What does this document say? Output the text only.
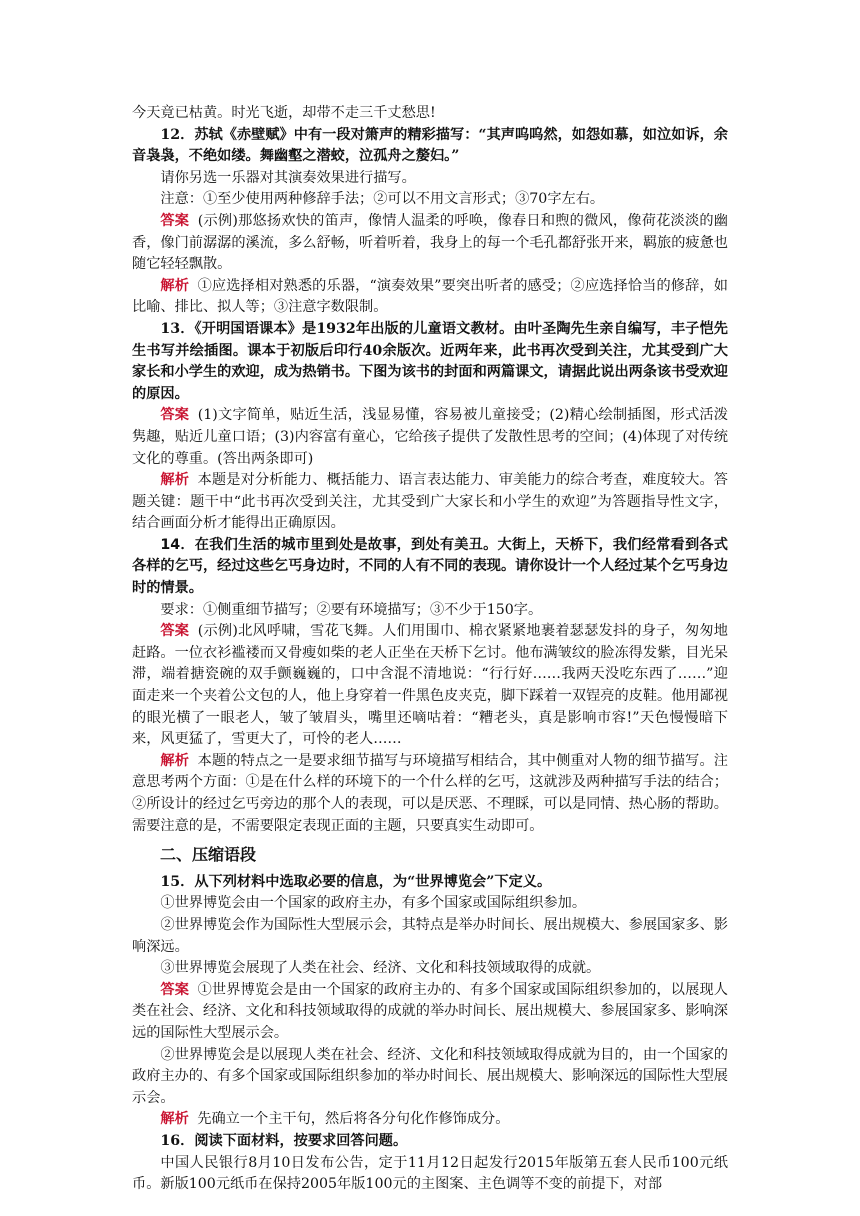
今天竟已枯黄。时光飞逝，却带不走三千丈愁思!

12．苏轼《赤壁赋》中有一段对箫声的精彩描写：“其声呜呜然，如怨如慕，如泣如诉，余音袅袅，不绝如缕。舞幽壑之潜蛟，泣孤舟之嫠妇。”

请你另选一乐器对其演奏效果进行描写。

注意：①至少使用两种修辞手法；②可以不用文言形式；③70字左右。

答案 (示例)那悠扬欢快的笛声，像情人温柔的呼唤，像春日和煦的微风，像荷花淡淡的幽香，像门前潺潺的溪流，多么舒畅，听着听着，我身上的每一个毛孔都舒张开来，羁旅的疲惫也随它轻轻飘散。

解析 ①应选择相对熟悉的乐器，“演奏效果”要突出听者的感受；②应选择恰当的修辞，如比喻、排比、拟人等；③注意字数限制。

13．《开明国语课本》是1932年出版的儿童语文教材。由叶圣陶先生亲自编写，丰子恺先生书写并绘插图。课本于初版后印行40余版次。近两年来，此书再次受到关注，尤其受到广大家长和小学生的欢迎，成为热销书。下图为该书的封面和两篇课文，请据此说出两条该书受欢迎的原因。

答案 (1)文字简单，贴近生活，浅显易懂，容易被儿童接受；(2)精心绘制插图，形式活泼隽趣，贴近儿童口语；(3)内容富有童心，它给孩子提供了发散性思考的空间；(4)体现了对传统文化的尊重。(答出两条即可)

解析 本题是对分析能力、概括能力、语言表达能力、审美能力的综合考查，难度较大。答题关键：题干中“此书再次受到关注，尤其受到广大家长和小学生的欢迎”为答题指导性文字，结合画面分析才能得出正确原因。

14．在我们生活的城市里到处是故事，到处有美丑。大街上，天桥下，我们经常看到各式各样的乞丐，经过这些乞丐身边时，不同的人有不同的表现。请你设计一个人经过某个乞丐身边时的情景。

要求：①侧重细节描写；②要有环境描写；③不少于150字。

答案 (示例)北风呼啸，雪花飞舞。人们用围巾、棉衣紧紧地裹着瑟瑟发抖的身子，匆匆地赶路。一位衣衫褴褛而又骨瘦如柴的老人正坐在天桥下乞讨。他布满皱纹的脸冻得发紫，目光呆滞，端着搪瓷碗的双手颤巍巍的，口中含混不清地说：“行行好……我两天没吃东西了……”迎面走来一个夹着公文包的人，他上身穿着一件黑色皮夹克，脚下踩着一双锃亮的皮鞋。他用鄙视的眼光横了一眼老人，皱了皱眉头，嘴里还嘀咕着：“糟老头，真是影响市容!”天色慢慢暗下来，风更猛了，雪更大了，可怜的老人……

解析 本题的特点之一是要求细节描写与环境描写相结合，其中侧重对人物的细节描写。注意思考两个方面：①是在什么样的环境下的一个什么样的乞丐，这就涉及两种描写手法的结合；②所设计的经过乞丐旁边的那个人的表现，可以是厌恶、不理睬，可以是同情、热心肠的帮助。需要注意的是，不需要限定表现正面的主题，只要真实生动即可。

二、压缩语段

15．从下列材料中选取必要的信息，为“世界博览会”下定义。

①世界博览会由一个国家的政府主办，有多个国家或国际组织参加。

②世界博览会作为国际性大型展示会，其特点是举办时间长、展出规模大、参展国家多、影响深远。

③世界博览会展现了人类在社会、经济、文化和科技领域取得的成就。

答案 ①世界博览会是由一个国家的政府主办的、有多个国家或国际组织参加的，以展现人类在社会、经济、文化和科技领域取得的成就的举办时间长、展出规模大、参展国家多、影响深远的国际性大型展示会。

②世界博览会是以展现人类在社会、经济、文化和科技领域取得成就为目的，由一个国家的政府主办的、有多个国家或国际组织参加的举办时间长、展出规模大、影响深远的国际性大型展示会。

解析 先确立一个主干句，然后将各分句化作修饰成分。

16．阅读下面材料，按要求回答问题。

中国人民银行8月10日发布公告，定于11月12日起发行2015年版第五套人民币100元纸币。新版100元纸币在保持2005年版100元的主图案、主色调等不变的前提下，对部
